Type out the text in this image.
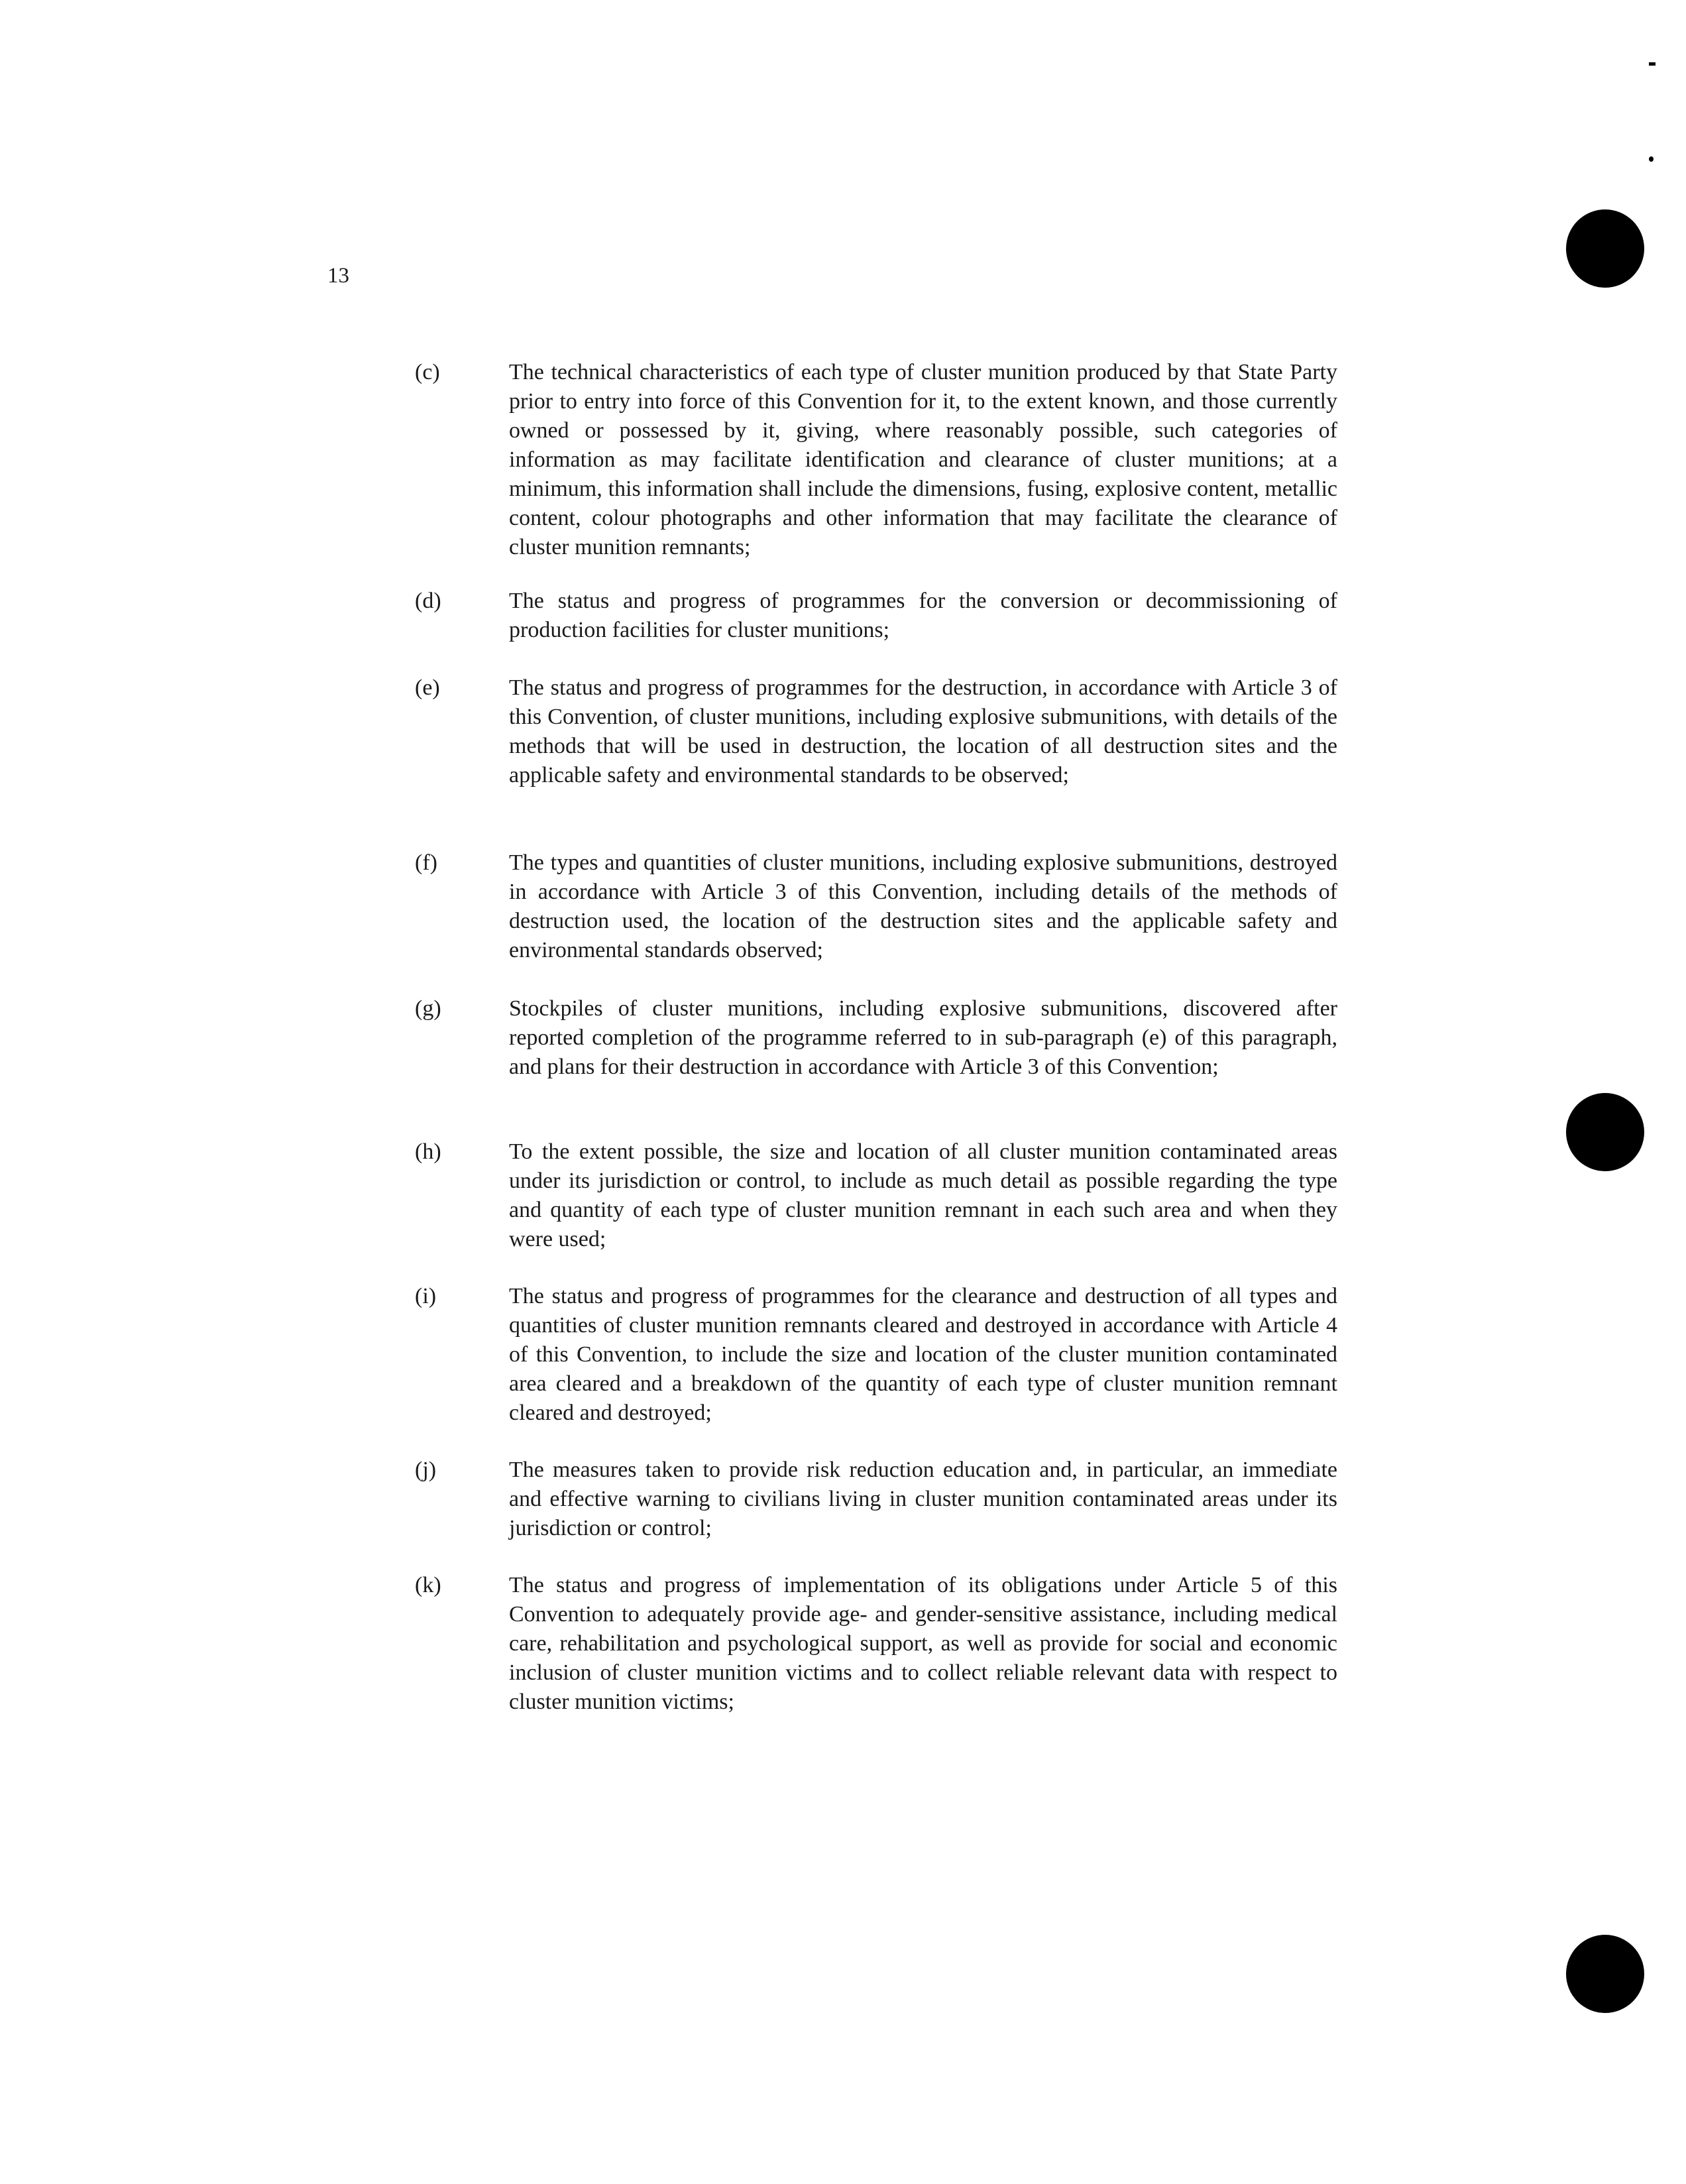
13
(c)	The technical characteristics of each type of cluster munition produced by that State Party prior to entry into force of this Convention for it, to the extent known, and those currently owned or possessed by it, giving, where reasonably possible, such categories of information as may facilitate identification and clearance of cluster munitions; at a minimum, this information shall include the dimensions, fusing, explosive content, metallic content, colour photographs and other information that may facilitate the clearance of cluster munition remnants;
(d)	The status and progress of programmes for the conversion or decommissioning of production facilities for cluster munitions;
(e)	The status and progress of programmes for the destruction, in accordance with Article 3 of this Convention, of cluster munitions, including explosive submunitions, with details of the methods that will be used in destruction, the location of all destruction sites and the applicable safety and environmental standards to be observed;
(f)	The types and quantities of cluster munitions, including explosive submunitions, destroyed in accordance with Article 3 of this Convention, including details of the methods of destruction used, the location of the destruction sites and the applicable safety and environmental standards observed;
(g)	Stockpiles of cluster munitions, including explosive submunitions, discovered after reported completion of the programme referred to in sub-paragraph (e) of this paragraph, and plans for their destruction in accordance with Article 3 of this Convention;
(h)	To the extent possible, the size and location of all cluster munition contaminated areas under its jurisdiction or control, to include as much detail as possible regarding the type and quantity of each type of cluster munition remnant in each such area and when they were used;
(i)	The status and progress of programmes for the clearance and destruction of all types and quantities of cluster munition remnants cleared and destroyed in accordance with Article 4 of this Convention, to include the size and location of the cluster munition contaminated area cleared and a breakdown of the quantity of each type of cluster munition remnant cleared and destroyed;
(j)	The measures taken to provide risk reduction education and, in particular, an immediate and effective warning to civilians living in cluster munition contaminated areas under its jurisdiction or control;
(k)	The status and progress of implementation of its obligations under Article 5 of this Convention to adequately provide age- and gender-sensitive assistance, including medical care, rehabilitation and psychological support, as well as provide for social and economic inclusion of cluster munition victims and to collect reliable relevant data with respect to cluster munition victims;
